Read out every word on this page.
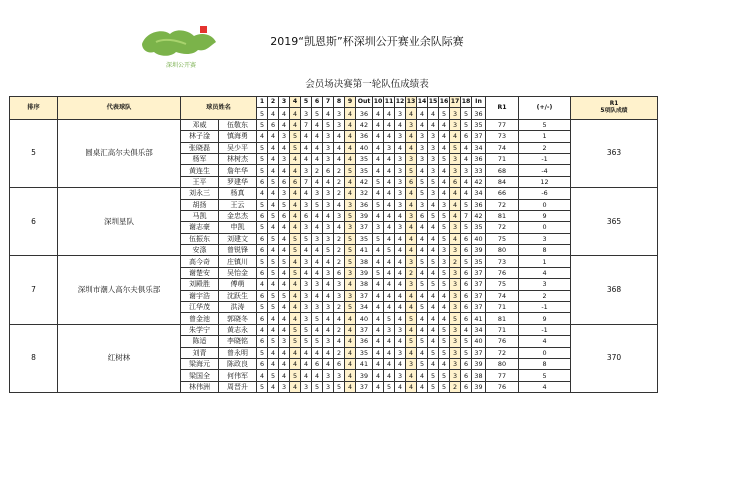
深圳公开赛
2019“凯恩斯”杯深圳公开赛业余队际赛
会员场决赛第一轮队伍成绩表
排序	代表球队	球员姓名		1	2	3	4	5	6	7	8	9	Out	10	11	12	13	14	15	16	17	18	In	R1	(+/-)	R1
5项队成绩

				5	4	4	4	3	5	4	3	4	36	4	4	3	4	4	4	5	3	5	36			
5	圆桌汇高尔夫俱乐部	邓威	伍敬东	5	6	4	4	7	4	5	3	4	42	4	4	4	3	4	4	4	3	5	35	77	5	363
		林子淦	慎海勇	4	4	3	5	4	4	3	4	4	36	4	4	3	4	3	3	4	4	6	37	73	1	
		张晓磊	吴少平	5	4	4	5	4	4	3	4	4	40	4	3	4	4	3	3	4	5	4	34	74	2	
		杨军	林树杰	5	4	3	4	4	4	3	4	4	35	4	4	3	3	3	3	5	3	4	36	71	-1	
		黄连生	詹年华	5	4	4	4	3	2	6	2	5	35	4	4	3	5	4	3	4	3	3	33	68	-4	
		王平	罗建华	6	5	6	6	7	4	4	2	4	42	5	4	3	6	5	5	4	6	4	42	84	12	
6	深圳星队	刘永三	杨真	4	4	3	4	4	3	3	2	4	32	4	4	3	4	5	3	4	4	4	34	66	-6	365
		胡扬	王云	5	4	5	4	3	5	3	4	3	36	5	4	3	4	3	4	3	4	5	36	72	0	
		马凯	金忠杰	6	5	6	4	6	4	4	3	5	39	4	4	4	3	6	5	5	4	7	42	81	9	
		谢志豪	申凯	5	4	4	4	3	4	3	4	3	37	3	4	3	4	4	4	5	3	5	35	72	0	
		伍振东	刘建文	6	5	4	5	5	3	3	2	5	35	5	4	4	4	4	4	5	4	6	40	75	3	
		安涤	曾锐锋	6	4	4	5	4	4	5	2	5	41	4	5	4	4	4	4	3	3	6	39	80	8	
7	深圳市潮人高尔夫俱乐部	高今奇	庄镇川	5	5	5	4	3	4	4	2	5	38	4	4	4	3	5	5	3	2	5	35	73	1	368
		谢楚安	吴怡金	6	5	4	5	4	4	3	6	3	39	5	4	4	2	4	4	5	3	6	37	76	4	
		刘殿胜	傅萌	4	4	4	4	3	3	4	3	4	38	4	4	4	3	5	5	5	3	6	37	75	3	
		谢宇浩	沈跃生	6	5	5	4	3	4	4	3	3	37	4	4	4	4	4	4	4	3	6	37	74	2	
		江华茂	洪涛	5	5	4	4	3	3	3	2	5	34	4	4	4	4	5	4	4	3	6	37	71	-1	
		曾金池	郭晓冬	6	4	4	4	3	5	4	4	4	40	4	5	4	5	4	4	4	5	6	41	81	9	
8	红树林	朱学宁	黄志永	4	4	4	5	5	4	4	2	4	37	4	3	3	4	4	4	5	3	4	34	71	-1	370
		陈适	李晓铭	6	5	3	5	5	5	3	4	4	36	4	4	4	5	5	4	5	3	5	40	76	4	
		刘青	曾永明	5	4	4	4	4	4	4	2	4	35	4	4	3	4	4	5	5	3	5	37	72	0	
		梁海元	陈政良	6	4	4	4	4	6	4	6	4	41	4	4	4	3	5	4	4	3	6	39	80	8	
		梁国全	何伟军	4	5	4	5	4	4	3	3	4	39	4	4	3	4	4	5	5	3	6	38	77	5	
		林伟洲	周晋升	5	4	3	4	3	5	3	5	4	37	4	5	4	4	4	5	5	2	6	39	76	4	
